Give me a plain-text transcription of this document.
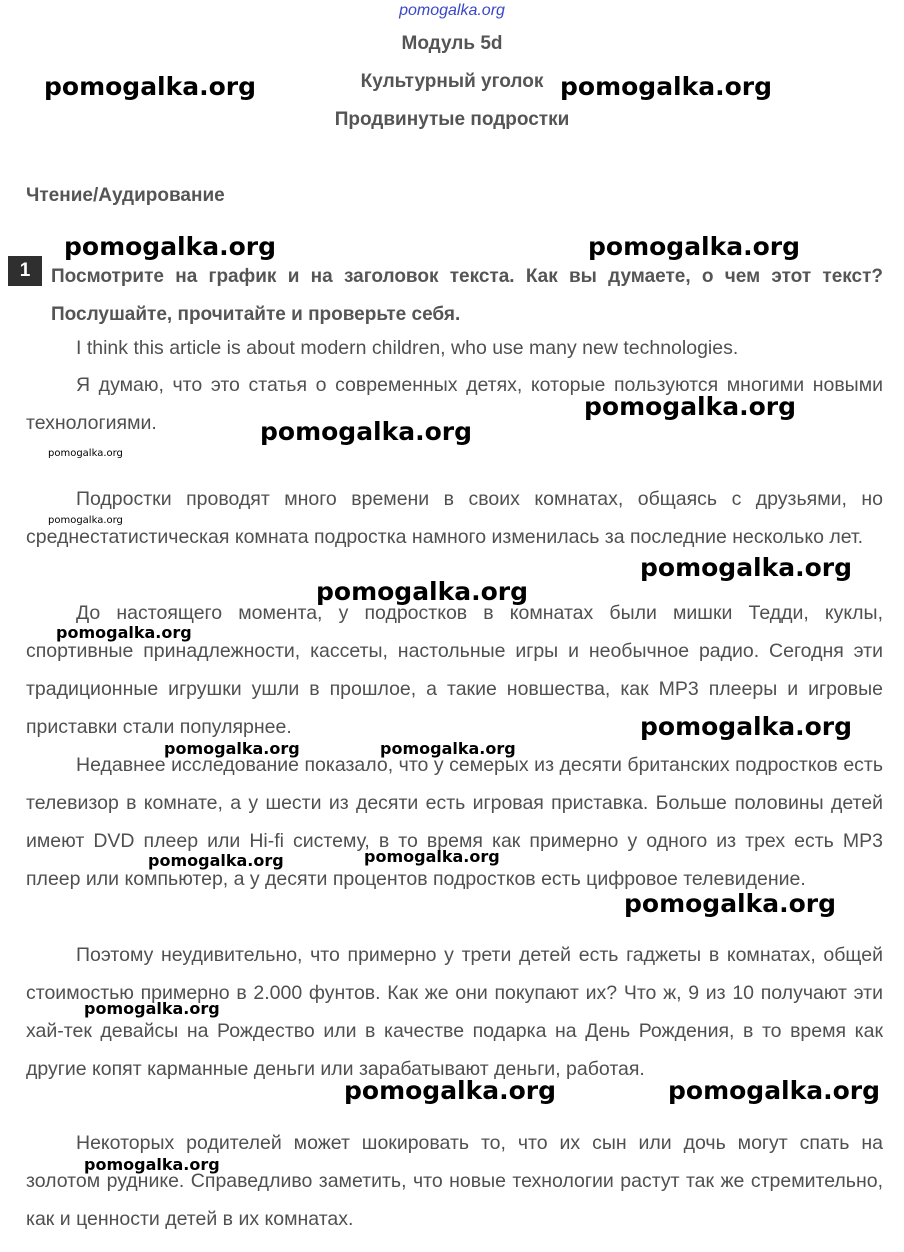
pomogalka.org
Модуль 5d
Культурный уголок
Продвинутые подростки
Чтение/Аудирование
1	Посмотрите на график и на заголовок текста. Как вы думаете, о чем этот текст? Послушайте, прочитайте и проверьте себя.
I think this article is about modern children, who use many new technologies.
Я думаю, что это статья о современных детях, которые пользуются многими новыми технологиями.
Подростки проводят много времени в своих комнатах, общаясь с друзьями, но среднестатистическая комната подростка намного изменилась за последние несколько лет.
До настоящего момента, у подростков в комнатах были мишки Тедди, куклы, спортивные принадлежности, кассеты, настольные игры и необычное радио. Сегодня эти традиционные игрушки ушли в прошлое, а такие новшества, как MP3 плееры и игровые приставки стали популярнее.
Недавнее исследование показало, что у семерых из десяти британских подростков есть телевизор в комнате, а у шести из десяти есть игровая приставка. Больше половины детей имеют DVD плеер или Hi-fi систему, в то время как примерно у одного из трех есть MP3 плеер или компьютер, а у десяти процентов подростков есть цифровое телевидение.
Поэтому неудивительно, что примерно у трети детей есть гаджеты в комнатах, общей стоимостью примерно в 2.000 фунтов. Как же они покупают их? Что ж, 9 из 10 получают эти хай-тек девайсы на Рождество или в качестве подарка на День Рождения, в то время как другие копят карманные деньги или зарабатывают деньги, работая.
Некоторых родителей может шокировать то, что их сын или дочь могут спать на золотом руднике. Справедливо заметить, что новые технологии растут так же стремительно, как и ценности детей в их комнатах.
pomogalka.org	pomogalka.org
pomogalka.org	pomogalka.org
pomogalka.org
pomogalka.org
pomogalka.org
pomogalka.org
pomogalka.org
pomogalka.org
pomogalka.org
pomogalka.org
pomogalka.org	pomogalka.org
pomogalka.org	pomogalka.org
pomogalka.org
pomogalka.org
pomogalka.org	pomogalka.org
pomogalka.org
